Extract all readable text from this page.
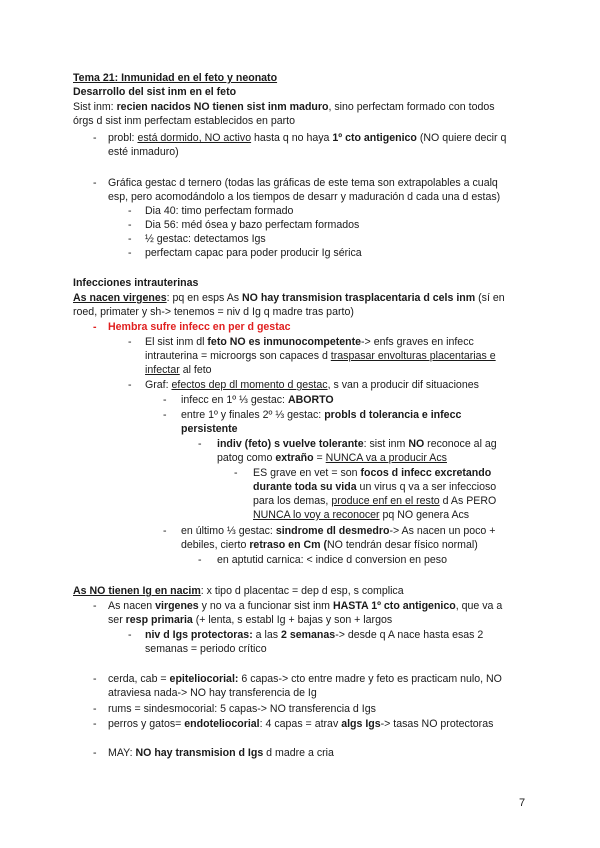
Tema 21: Inmunidad en el feto y neonato
Desarrollo del sist inm en el feto
Sist inm: recien nacidos NO tienen sist inm maduro, sino perfectam formado con todos
órgs d sist inm perfectam establecidos en parto
-	probl: está dormido, NO activo hasta q no haya 1º cto antigenico (NO quiere decir q
esté inmaduro)
-	Gráfica gestac d ternero (todas las gráficas de este tema son extrapolables a cualq
esp, pero acomodándolo a los tiempos de desarr y maduración d cada una d estas)
-	Dia 40: timo perfectam formado
-	Dia 56: méd ósea y bazo perfectam formados
-	½ gestac: detectamos Igs
-	perfectam capac para poder producir Ig sérica
Infecciones intrauterinas
As nacen virgenes: pq en esps As NO hay transmision trasplacentaria d cels inm (sí en
roed, primater y sh-> tenemos = niv d Ig q madre tras parto)
-	Hembra sufre infecc en per d gestac
-	El sist inm dl feto NO es inmunocompetente-> enfs graves en infecc
intrauterina = microorgs son capaces d traspasar envolturas placentarias e
infectar al feto
-	Graf: efectos dep dl momento d gestac, s van a producir dif situaciones
-	infecc en 1º ⅓ gestac: ABORTO
-	entre 1º y finales 2º ⅓ gestac: probls d tolerancia e infecc
persistente
-	indiv (feto) s vuelve tolerante: sist inm NO reconoce al ag
patog como extraño = NUNCA va a producir Acs
-	ES grave en vet = son focos d infecc excretando
durante toda su vida un virus q va a ser infeccioso
para los demas, produce enf en el resto d As PERO
NUNCA lo voy a reconocer pq NO genera Acs
-	en último ⅓ gestac: sindrome dl desmedro-> As nacen un poco +
debiles, cierto retraso en Cm (NO tendrán desar físico normal)
-	en aptutid carnica: < indice d conversion en peso
As NO tienen Ig en nacim: x tipo d placentac = dep d esp, s complica
-	As nacen virgenes y no va a funcionar sist inm HASTA 1º cto antigenico, que va a
ser resp primaria (+ lenta, s establ Ig + bajas y son + largos
-	niv d Igs protectoras: a las 2 semanas-> desde q A nace hasta esas 2
semanas = periodo crítico
-	cerda, cab = epiteliocorial: 6 capas-> cto entre madre y feto es practicam nulo, NO
atraviesa nada-> NO hay transferencia de Ig
-	rums = sindesmocorial: 5 capas-> NO transferencia d Igs
-	perros y gatos= endoteliocorial: 4 capas = atrav algs Igs-> tasas NO protectoras
-	MAY: NO hay transmision d Igs d madre a cria
7
